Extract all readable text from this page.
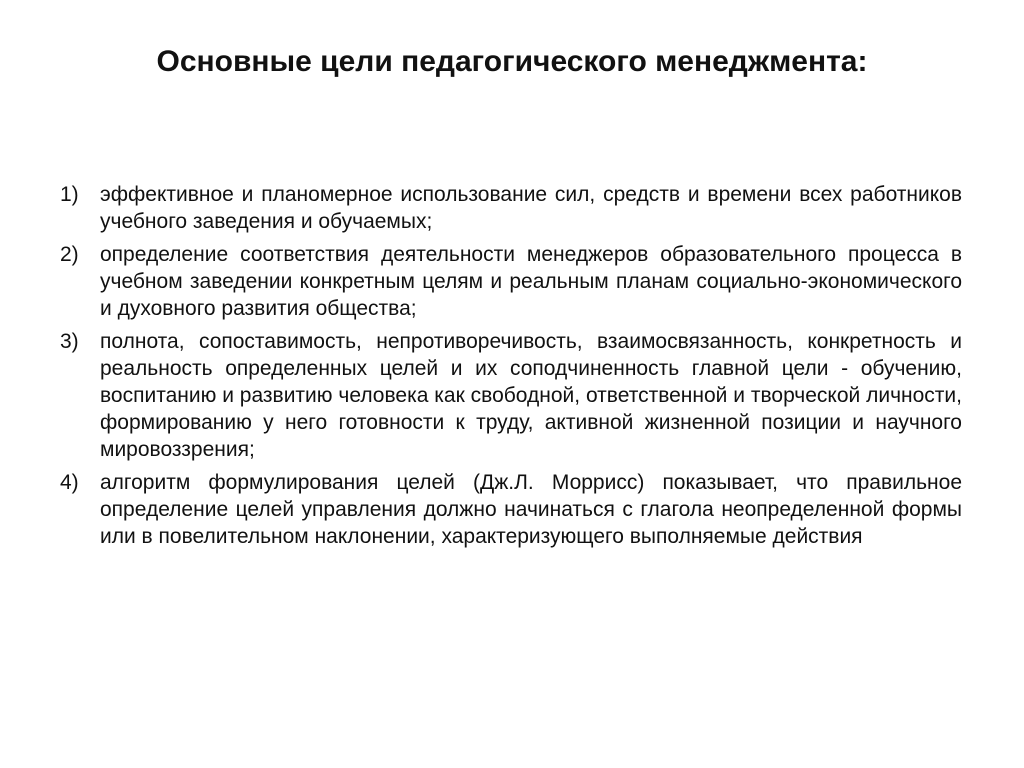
Основные цели педагогического менеджмента:
1) эффективное и планомерное использование сил, средств и времени всех работников учебного заведения и обучаемых;
2) определение соответствия деятельности менеджеров образовательного процесса в учебном заведении конкретным целям и реальным планам социально-экономического и духовного развития общества;
3) полнота, сопоставимость, непротиворечивость, взаимосвязанность, конкретность и реальность определенных целей и их соподчиненность главной цели - обучению, воспитанию и развитию человека как свободной, ответственной и творческой личности, формированию у него готовности к труду, активной жизненной позиции и научного мировоззрения;
4) алгоритм формулирования целей (Дж.Л. Моррисс) показывает, что правильное определение целей управления должно начинаться с глагола неопределенной формы или в повелительном наклонении, характеризующего выполняемые действия
